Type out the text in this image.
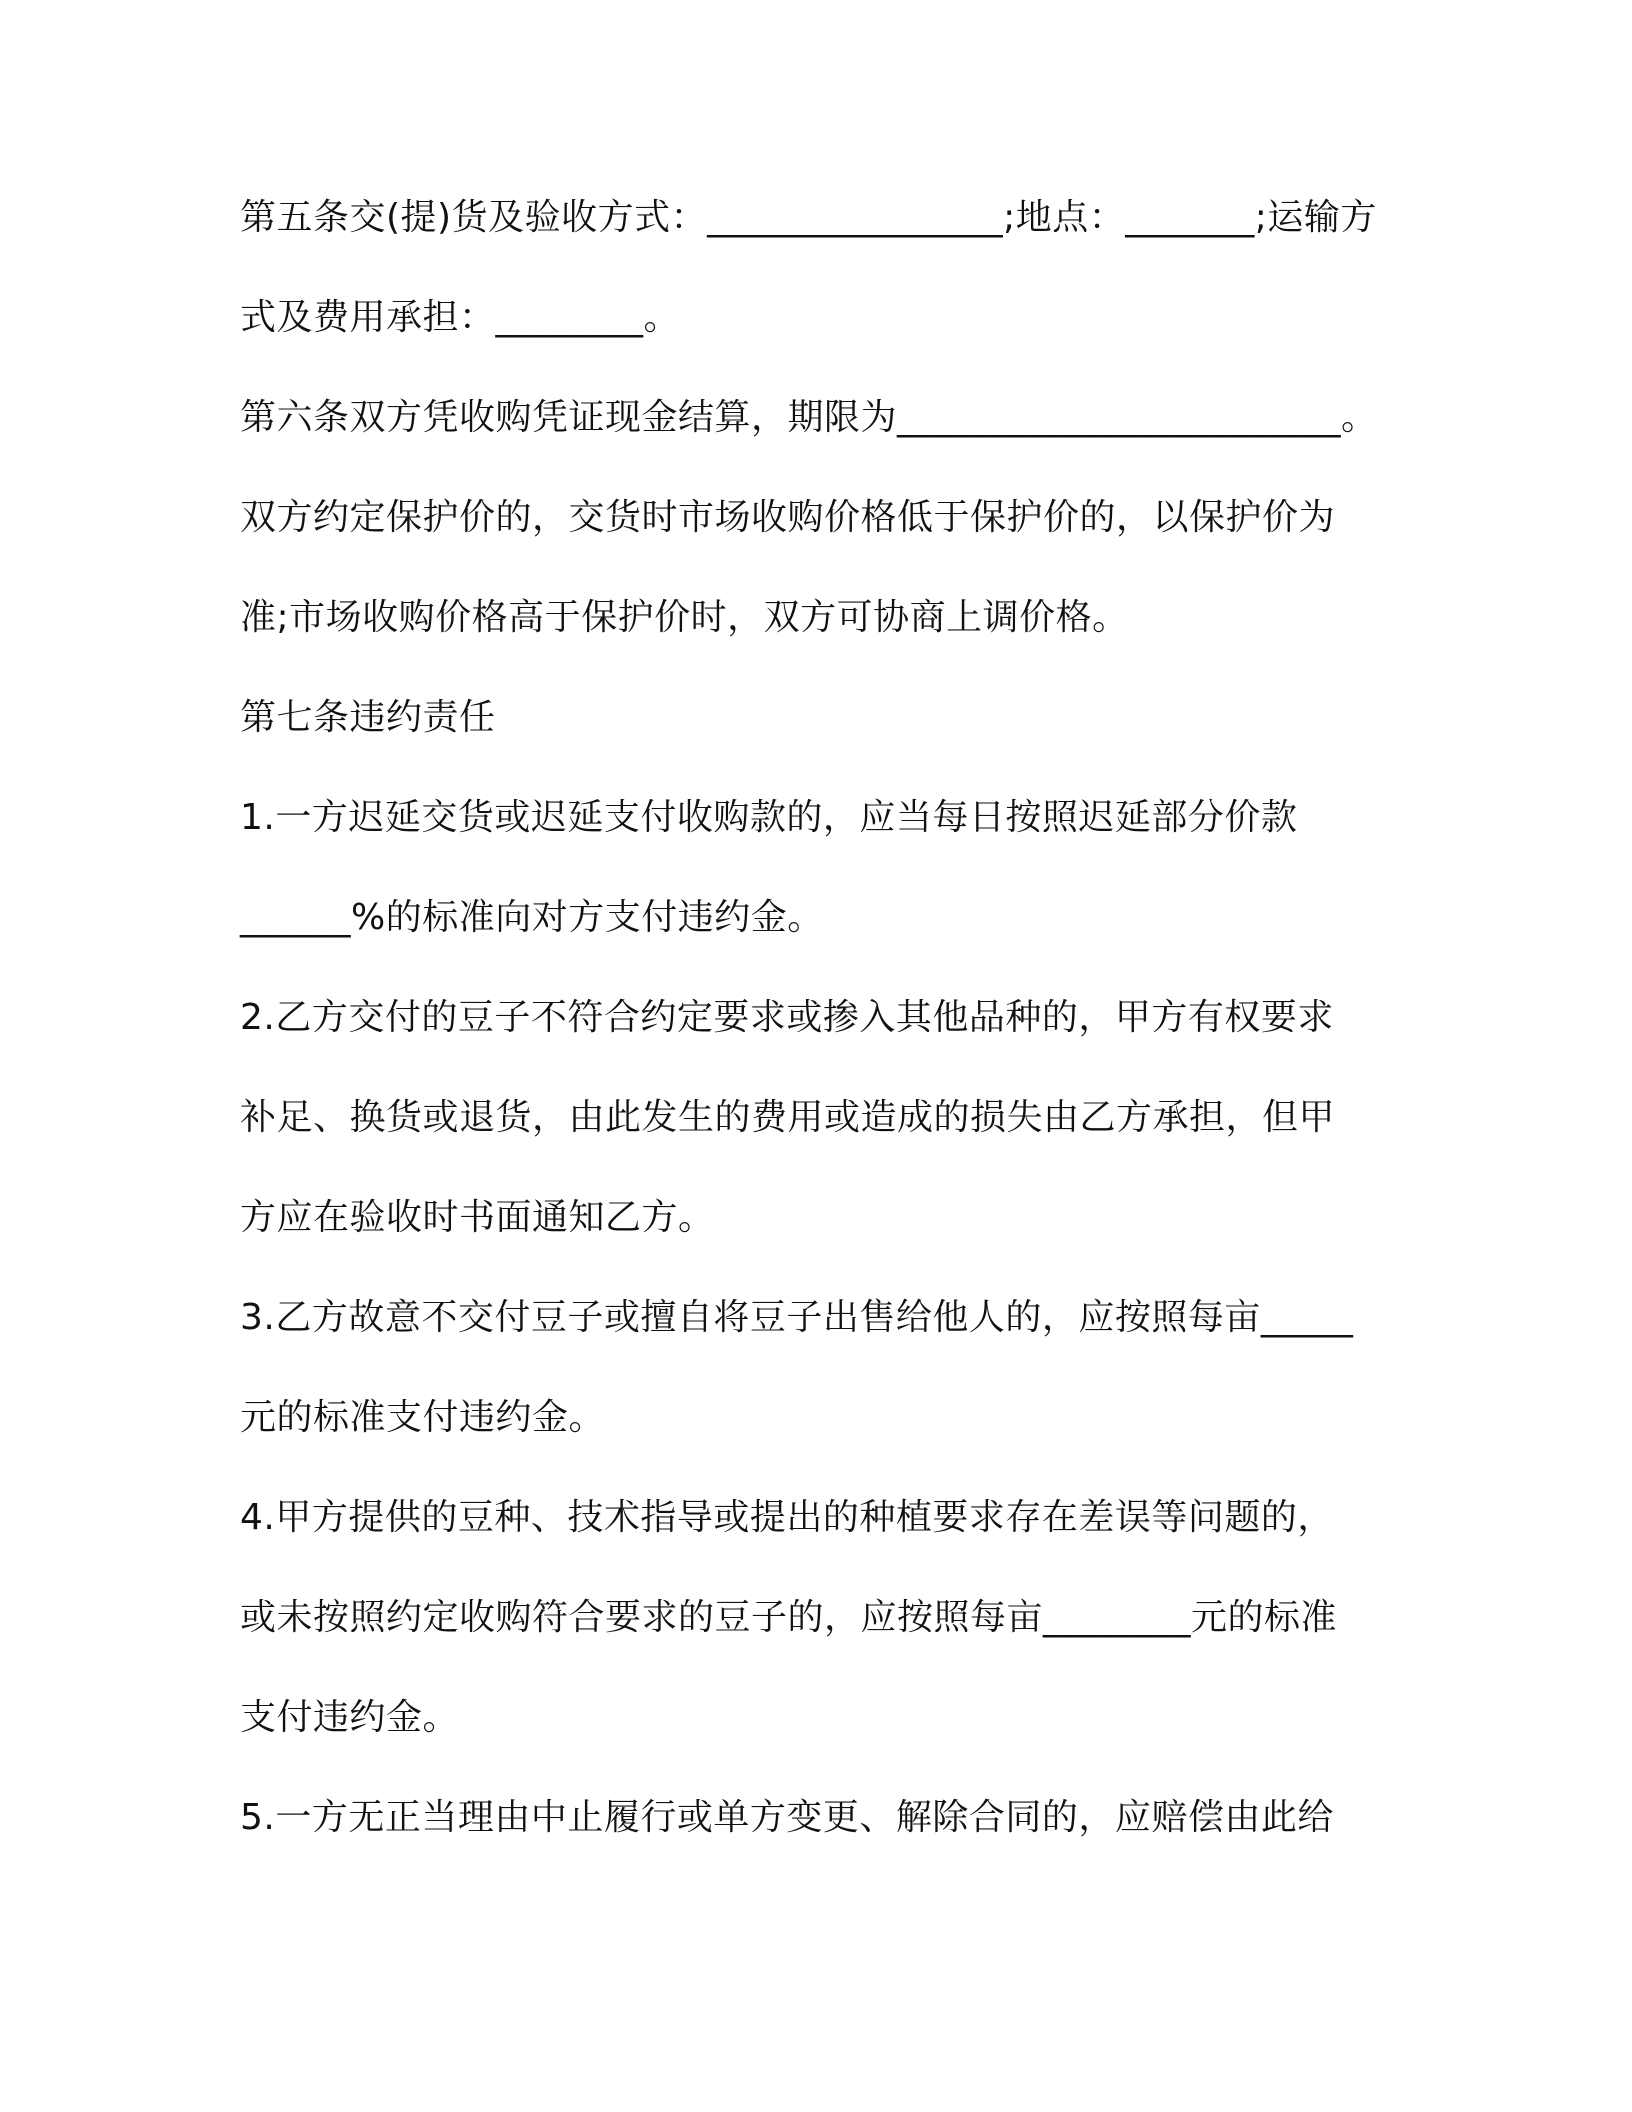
第五条交(提)货及验收方式：________________;地点：_______;运输方
式及费用承担：________。
第六条双方凭收购凭证现金结算，期限为________________________。
双方约定保护价的，交货时市场收购价格低于保护价的，以保护价为
准;市场收购价格高于保护价时，双方可协商上调价格。
第七条违约责任
1.一方迟延交货或迟延支付收购款的，应当每日按照迟延部分价款
______%的标准向对方支付违约金。
2.乙方交付的豆子不符合约定要求或掺入其他品种的，甲方有权要求
补足、换货或退货，由此发生的费用或造成的损失由乙方承担，但甲
方应在验收时书面通知乙方。
3.乙方故意不交付豆子或擅自将豆子出售给他人的，应按照每亩_____
元的标准支付违约金。
4.甲方提供的豆种、技术指导或提出的种植要求存在差误等问题的，
或未按照约定收购符合要求的豆子的，应按照每亩________元的标准
支付违约金。
5.一方无正当理由中止履行或单方变更、解除合同的，应赔偿由此给
